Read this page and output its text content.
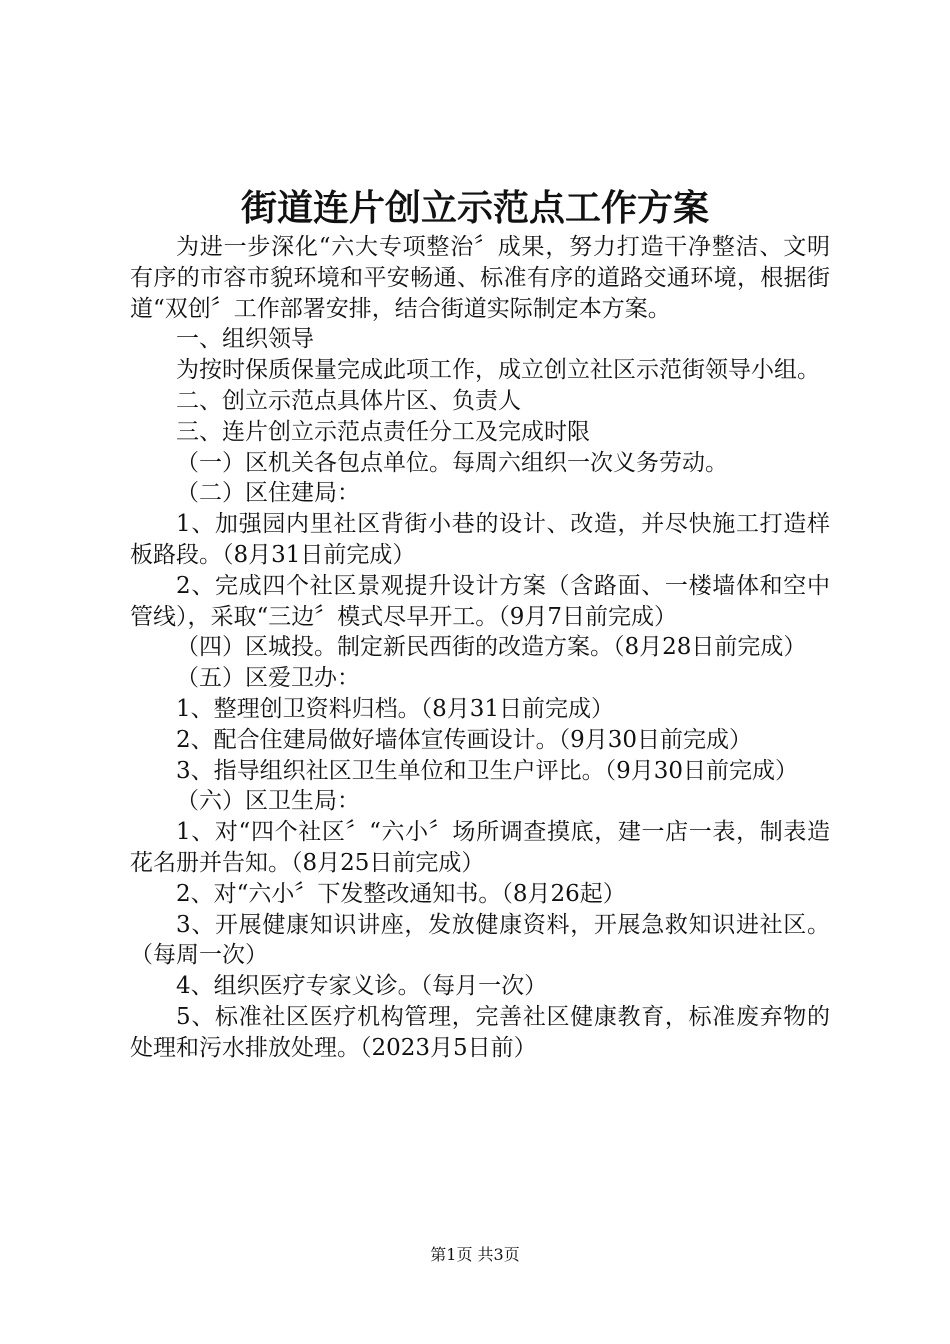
街道连片创立示范点工作方案

为进一步深化“六大专项整治〞成果，努力打造干净整洁、文明有序的市容市貌环境和平安畅通、标准有序的道路交通环境，根据街道“双创〞工作部署安排，结合街道实际制定本方案。

一、组织领导

为按时保质保量完成此项工作，成立创立社区示范街领导小组。

二、创立示范点具体片区、负责人

三、连片创立示范点责任分工及完成时限

（一）区机关各包点单位。每周六组织一次义务劳动。

（二）区住建局：

1、加强园内里社区背街小巷的设计、改造，并尽快施工打造样板路段。（8月31日前完成）

2、完成四个社区景观提升设计方案（含路面、一楼墙体和空中管线），采取“三边〞模式尽早开工。（9月7日前完成）

（四）区城投。制定新民西街的改造方案。（8月28日前完成）

（五）区爱卫办：

1、整理创卫资料归档。（8月31日前完成）

2、配合住建局做好墙体宣传画设计。（9月30日前完成）

3、指导组织社区卫生单位和卫生户评比。（9月30日前完成）

（六）区卫生局：

1、对“四个社区〞“六小〞场所调查摸底，建一店一表，制表造花名册并告知。（8月25日前完成）

2、对“六小〞下发整改通知书。（8月26起）

3、开展健康知识讲座，发放健康资料，开展急救知识进社区。（每周一次）

4、组织医疗专家义诊。（每月一次）

5、标准社区医疗机构管理，完善社区健康教育，标准废弃物的处理和污水排放处理。（2023月5日前）

第1页 共3页
